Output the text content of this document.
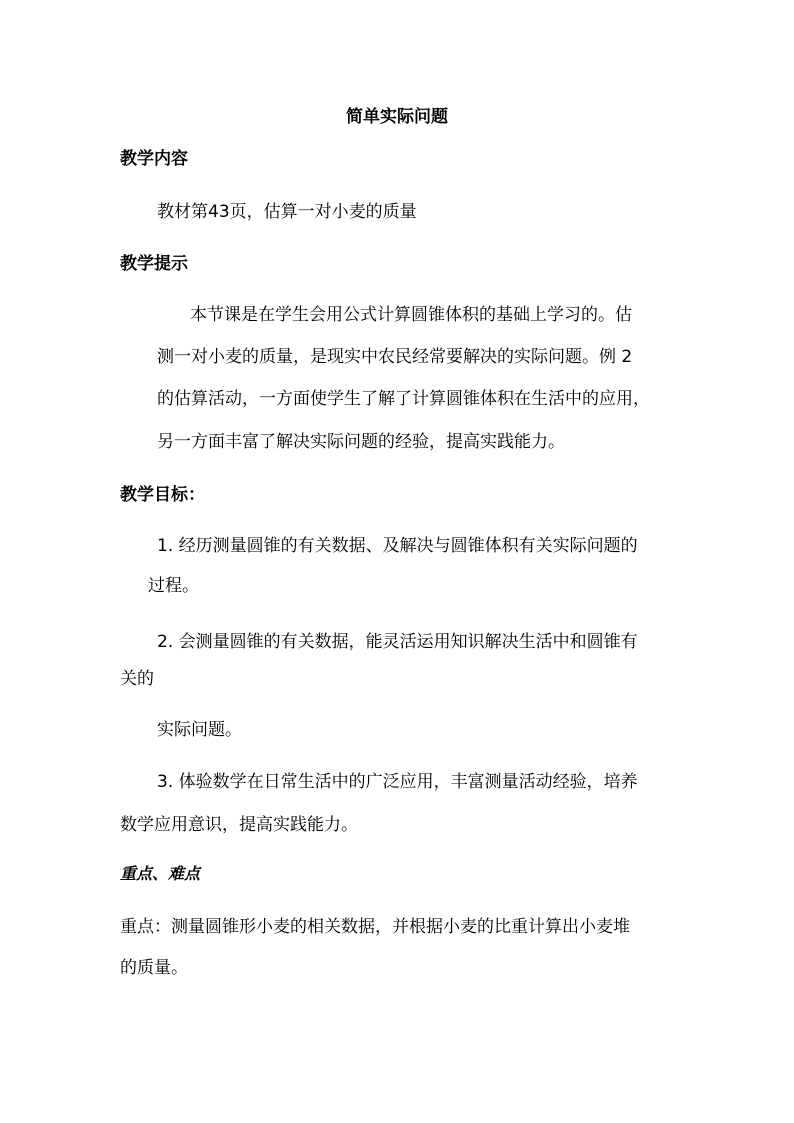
简单实际问题
教学内容
教材第43页，估算一对小麦的质量
教学提示
本节课是在学生会用公式计算圆锥体积的基础上学习的。估
测一对小麦的质量，是现实中农民经常要解决的实际问题。例 2
的估算活动，一方面使学生了解了计算圆锥体积在生活中的应用，
另一方面丰富了解决实际问题的经验，提高实践能力。
教学目标：
1. 经历测量圆锥的有关数据、及解决与圆锥体积有关实际问题的
过程。
2. 会测量圆锥的有关数据，能灵活运用知识解决生活中和圆锥有
关的
实际问题。
3. 体验数学在日常生活中的广泛应用，丰富测量活动经验，培养
数学应用意识，提高实践能力。
重点、难点
重点：测量圆锥形小麦的相关数据，并根据小麦的比重计算出小麦堆
的质量。
